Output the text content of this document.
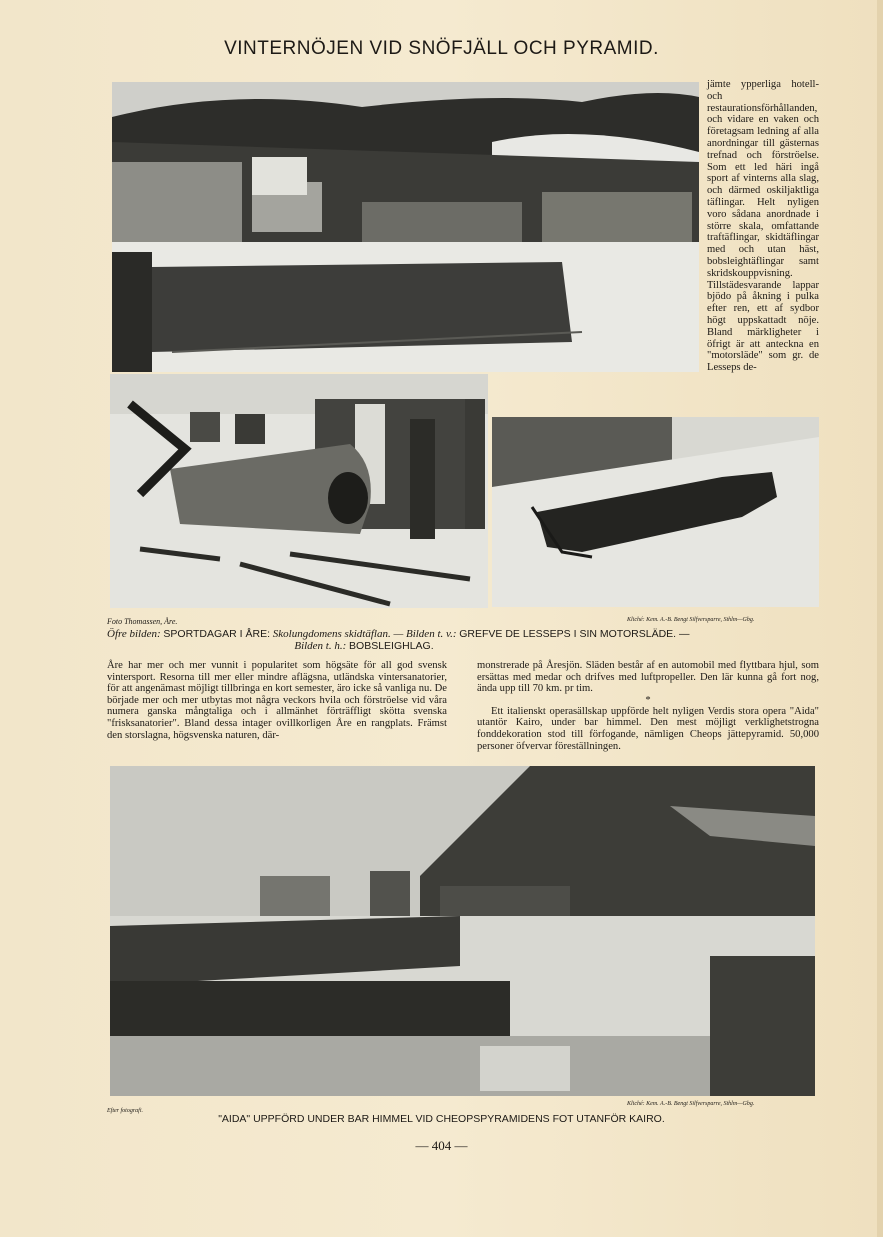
VINTERNÖJEN VID SNÖFJÄLL OCH PYRAMID.
jämte ypperliga hotell- och restaurationsförhållanden, och vidare en vaken och företagsam ledning af alla anordningar till gästernas trefnad och förströelse. Som ett led häri ingå sport af vinterns alla slag, och därmed oskiljaktliga täflingar. Helt nyligen voro sådana anordnade i större skala, omfattande traftäflingar, skidtäflingar med och utan häst, bobsleightäflingar samt skridskouppvisning. Tillstädesvarande lappar bjödo på åkning i pulka efter ren, ett af sydbor högt uppskattadt nöje. Bland märkligheter i öfrigt är att anteckna en "motorsläde" som gr. de Lesseps de-
Foto Thomassen, Åre.	Kliché: Kem. A.-B. Bengt Silfversparre, Sthlm—Gbg.
Öfre bilden: SPORTDAGAR I ÅRE: Skolungdomens skidtäflan. — Bilden t. v.: GREFVE DE LESSEPS I SIN MOTORSLÄDE. —
Bilden t. h.: BOBSLEIGHLAG.
Åre har mer och mer vunnit i popularitet som högsäte för all god svensk vintersport. Resorna till mer eller mindre aflägsna, utländska vintersanatorier, för att angenämast möjligt tillbringa en kort semester, äro icke så vanliga nu. De började mer och mer utbytas mot några veckors hvila och förströelse vid våra numera ganska mångtaliga och i allmänhet förträffligt skötta svenska "frisksanatorier". Bland dessa intager ovillkorligen Åre en rangplats. Främst den storslagna, högsvenska naturen, där-
monstrerade på Åresjön. Släden består af en automobil med flyttbara hjul, som ersättas med medar och drifves med luftpropeller. Den lär kunna gå fort nog, ända upp till 70 km. pr tim.
*
Ett italienskt operasällskap uppförde helt nyligen Verdis stora opera "Aida" utantör Kairo, under bar himmel. Den mest möjligt verklighetstrogna fonddekoration stod till förfogande, nämligen Cheops jättepyramid. 50,000 personer öfvervar föreställningen.
Efter fotografi.
Kliché: Kem. A.-B. Bengt Silfversparre, Sthlm—Gbg.
"AIDA" UPPFÖRD UNDER BAR HIMMEL VID CHEOPSPYRAMIDENS FOT UTANFÖR KAIRO.
— 404 —
